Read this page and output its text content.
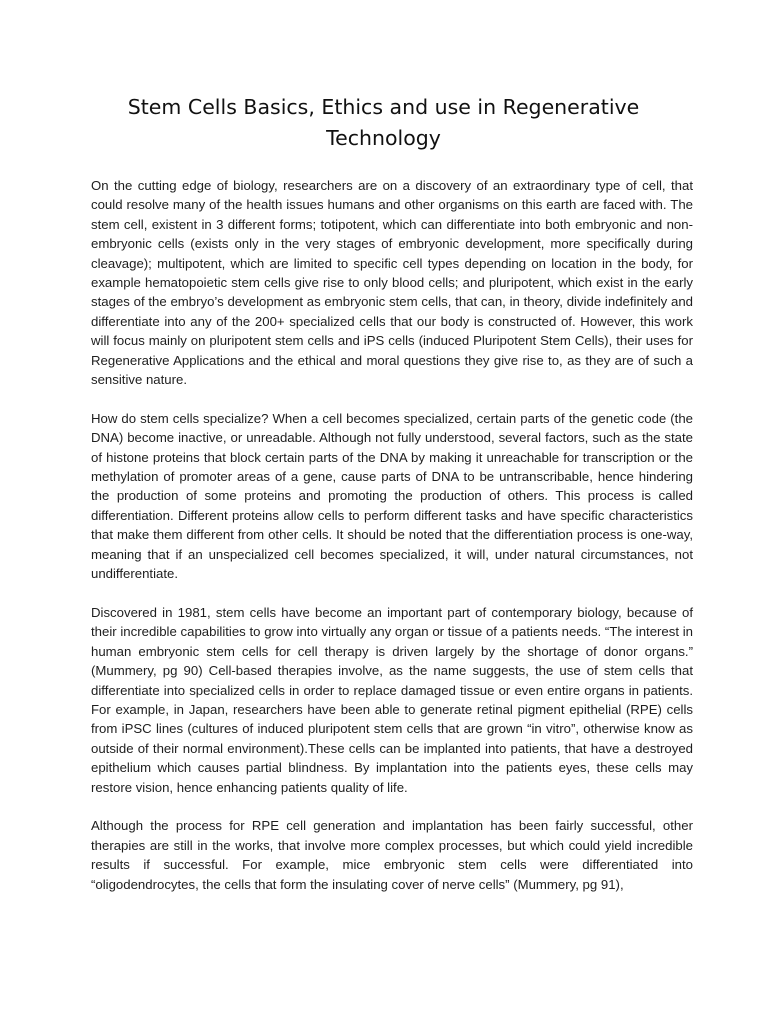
Stem Cells Basics, Ethics and use in Regenerative
Technology

On the cutting edge of biology, researchers are on a discovery of an extraordinary type of cell, that could resolve many of the health issues humans and other organisms on this earth are faced with. The stem cell, existent in 3 different forms; totipotent, which can differentiate into both embryonic and non-embryonic cells (exists only in the very stages of embryonic development, more specifically during cleavage); multipotent, which are limited to specific cell types depending on location in the body, for example hematopoietic stem cells give rise to only blood cells; and pluripotent, which exist in the early stages of the embryo’s development as embryonic stem cells, that can, in theory, divide indefinitely and differentiate into any of the 200+ specialized cells that our body is constructed of. However, this work will focus mainly on pluripotent stem cells and iPS cells (induced Pluripotent Stem Cells), their uses for Regenerative Applications and the ethical and moral questions they give rise to, as they are of such a sensitive nature.

How do stem cells specialize? When a cell becomes specialized, certain parts of the genetic code (the DNA) become inactive, or unreadable. Although not fully understood, several factors, such as the state of histone proteins that block certain parts of the DNA by making it unreachable for transcription or the methylation of promoter areas of a gene, cause parts of DNA to be untranscribable, hence hindering the production of some proteins and promoting the production of others. This process is called differentiation. Different proteins allow cells to perform different tasks and have specific characteristics that make them different from other cells. It should be noted that the differentiation process is one-way, meaning that if an unspecialized cell becomes specialized, it will, under natural circumstances, not undifferentiate.

Discovered in 1981, stem cells have become an important part of contemporary biology, because of their incredible capabilities to grow into virtually any organ or tissue of a patients needs. “The interest in human embryonic stem cells for cell therapy is driven largely by the shortage of donor organs.” (Mummery, pg 90) Cell-based therapies involve, as the name suggests, the use of stem cells that differentiate into specialized cells in order to replace damaged tissue or even entire organs in patients. For example, in Japan, researchers have been able to generate retinal pigment epithelial (RPE) cells from iPSC lines (cultures of induced pluripotent stem cells that are grown “in vitro”, otherwise know as outside of their normal environment).These cells can be implanted into patients, that have a destroyed epithelium which causes partial blindness. By implantation into the patients eyes, these cells may restore vision, hence enhancing patients quality of life.

Although the process for RPE cell generation and implantation has been fairly successful, other therapies are still in the works, that involve more complex processes, but which could yield incredible results if successful. For example, mice embryonic stem cells were differentiated into “oligodendrocytes, the cells that form the insulating cover of nerve cells” (Mummery, pg 91),
